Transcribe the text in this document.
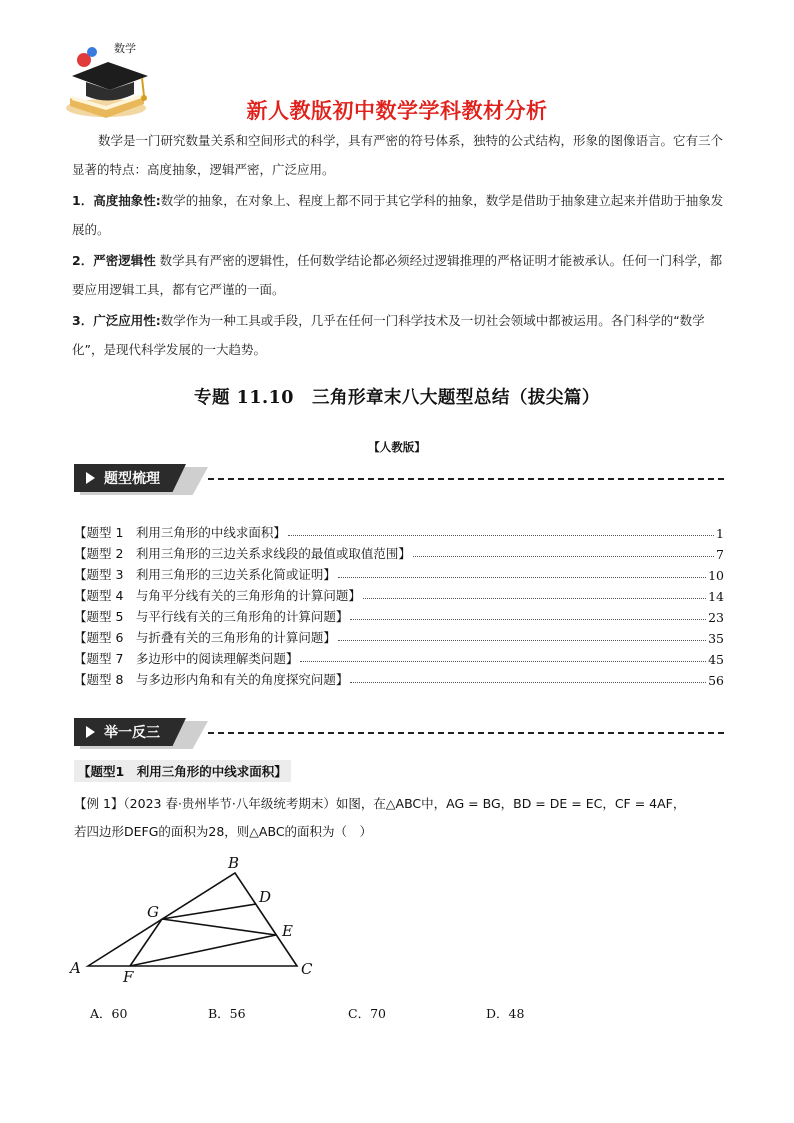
数学
新人教版初中数学学科教材分析
数学是一门研究数量关系和空间形式的科学，具有严密的符号体系，独特的公式结构，形象的图像语言。它有三个显著的特点：高度抽象，逻辑严密，广泛应用。
1．高度抽象性:数学的抽象，在对象上、程度上都不同于其它学科的抽象，数学是借助于抽象建立起来并借助于抽象发展的。
2．严密逻辑性 数学具有严密的逻辑性，任何数学结论都必须经过逻辑推理的严格证明才能被承认。任何一门科学，都要应用逻辑工具，都有它严谨的一面。
3．广泛应用性:数学作为一种工具或手段，几乎在任何一门科学技术及一切社会领域中都被运用。各门科学的“数学化”，是现代科学发展的一大趋势。
专题 11.10　三角形章末八大题型总结（拔尖篇）
【人教版】
题型梳理
【题型 1　利用三角形的中线求面积】	1
【题型 2　利用三角形的三边关系求线段的最值或取值范围】	7
【题型 3　利用三角形的三边关系化简或证明】	10
【题型 4　与角平分线有关的三角形角的计算问题】	14
【题型 5　与平行线有关的三角形角的计算问题】	23
【题型 6　与折叠有关的三角形角的计算问题】	35
【题型 7　多边形中的阅读理解类问题】	45
【题型 8　与多边形内角和有关的角度探究问题】	56
举一反三
【题型1　利用三角形的中线求面积】
【例 1】（2023 春·贵州毕节·八年级统考期末）如图，在△ABC中，AG = BG，BD = DE = EC，CF = 4AF，
若四边形DEFG的面积为28，则△ABC的面积为（　）
A
B
C
D
E
F
G
A．60	B．56	C．70	D．48
